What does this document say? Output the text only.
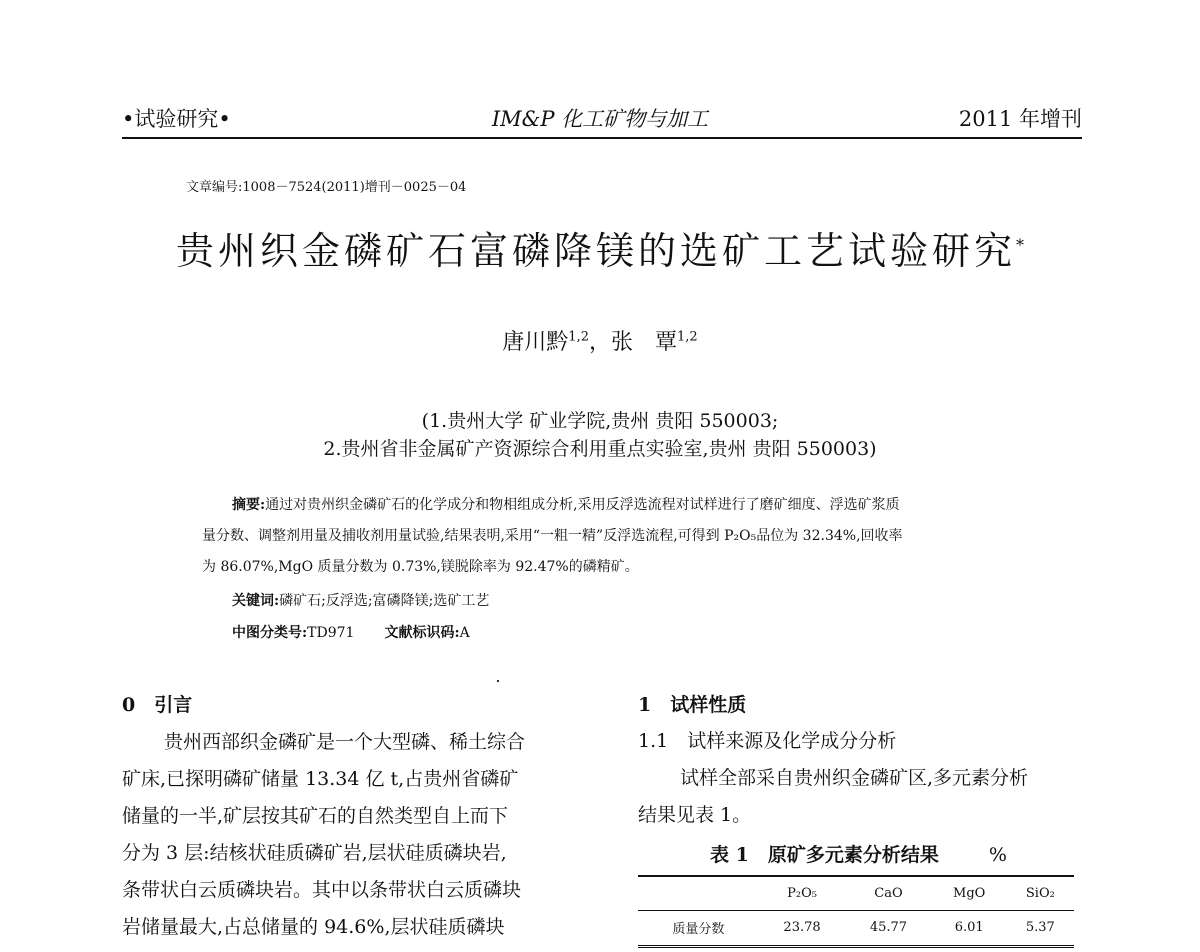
•试验研究•	IM&P 化工矿物与加工	2011 年增刊
文章编号:1008－7524(2011)增刊－0025－04
贵州织金磷矿石富磷降镁的选矿工艺试验研究*
唐川黔$^{1,2}$，张　覃$^{1,2}$
(1.贵州大学 矿业学院,贵州 贵阳 550003;
2.贵州省非金属矿产资源综合利用重点实验室,贵州 贵阳 550003)
摘要:通过对贵州织金磷矿石的化学成分和物相组成分析,采用反浮选流程对试样进行了磨矿细度、浮选矿浆质
量分数、调整剂用量及捕收剂用量试验,结果表明,采用“一粗一精”反浮选流程,可得到 P₂O₅品位为 32.34%,回收率
为 86.07%,MgO 质量分数为 0.73%,镁脱除率为 92.47%的磷精矿。
关键词:磷矿石;反浮选;富磷降镁;选矿工艺
中图分类号:TD971 文献标识码:A
0　引言
贵州西部织金磷矿是一个大型磷、稀土综合
矿床,已探明磷矿储量 13.34 亿 t,占贵州省磷矿
储量的一半,矿层按其矿石的自然类型自上而下
分为 3 层:结核状硅质磷矿岩,层状硅质磷块岩,
条带状白云质磷块岩。其中以条带状白云质磷块
岩储量最大,占总储量的 94.6%,层状硅质磷块
1　试样性质
1.1　试样来源及化学成分分析
试样全部采自贵州织金磷矿区,多元素分析
结果见表 1。
表 1　原矿多元素分析结果	%
	P₂O₅	CaO	MgO	SiO₂
质量分数	23.78	45.77	6.01	5.37
